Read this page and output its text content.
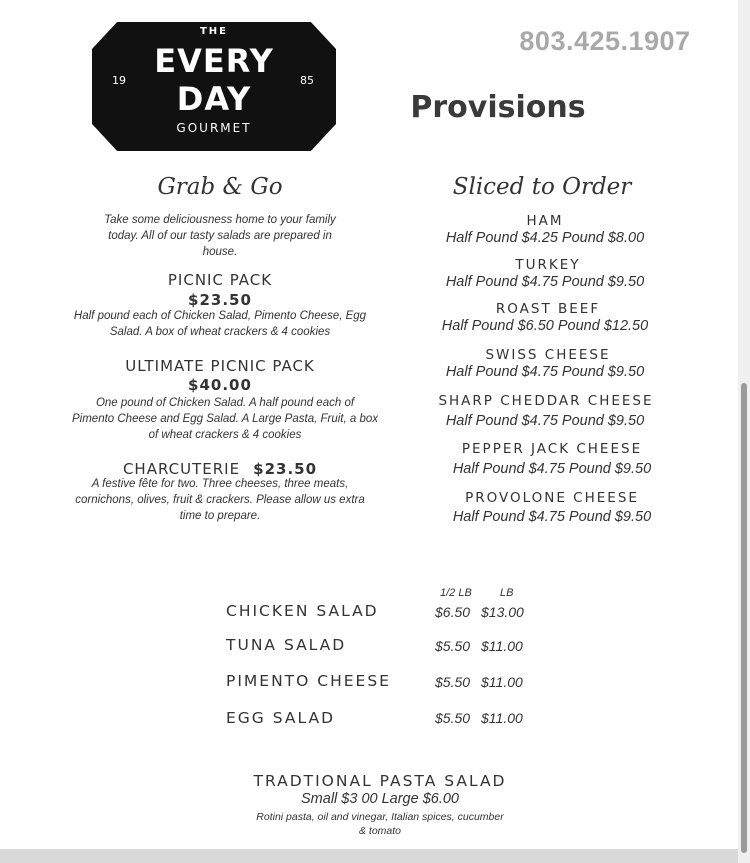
THE
EVERY
DAY
GOURMET
19	85
803.425.1907
Provisions
Grab & Go
Take some deliciousness home to your family
today. All of our tasty salads are prepared in
house.
PICNIC PACK
$23.50
Half pound each of Chicken Salad, Pimento Cheese, Egg
Salad. A box of wheat crackers & 4 cookies
ULTIMATE PICNIC PACK
$40.00
One pound of Chicken Salad. A half pound each of
Pimento Cheese and Egg Salad. A Large Pasta, Fruit, a box
of wheat crackers & 4 cookies
CHARCUTERIE $23.50
A festive fête for two. Three cheeses, three meats,
cornichons, olives, fruit & crackers. Please allow us extra
time to prepare.
Sliced to Order
HAM
Half Pound $4.25 Pound $8.00
TURKEY
Half Pound $4.75 Pound $9.50
ROAST BEEF
Half Pound $6.50 Pound $12.50
SWISS CHEESE
Half Pound $4.75 Pound $9.50
SHARP CHEDDAR CHEESE
Half Pound $4.75 Pound $9.50
PEPPER JACK CHEESE
Half Pound $4.75 Pound $9.50
PROVOLONE CHEESE
Half Pound $4.75 Pound $9.50
1/2 LB	LB
CHICKEN SALAD	$6.50 $13.00
TUNA SALAD	$5.50 $11.00
PIMENTO CHEESE	$5.50 $11.00
EGG SALAD	$5.50 $11.00
TRADTIONAL PASTA SALAD
Small $3 00 Large $6.00
Rotini pasta, oil and vinegar, Italian spices, cucumber
& tomato
